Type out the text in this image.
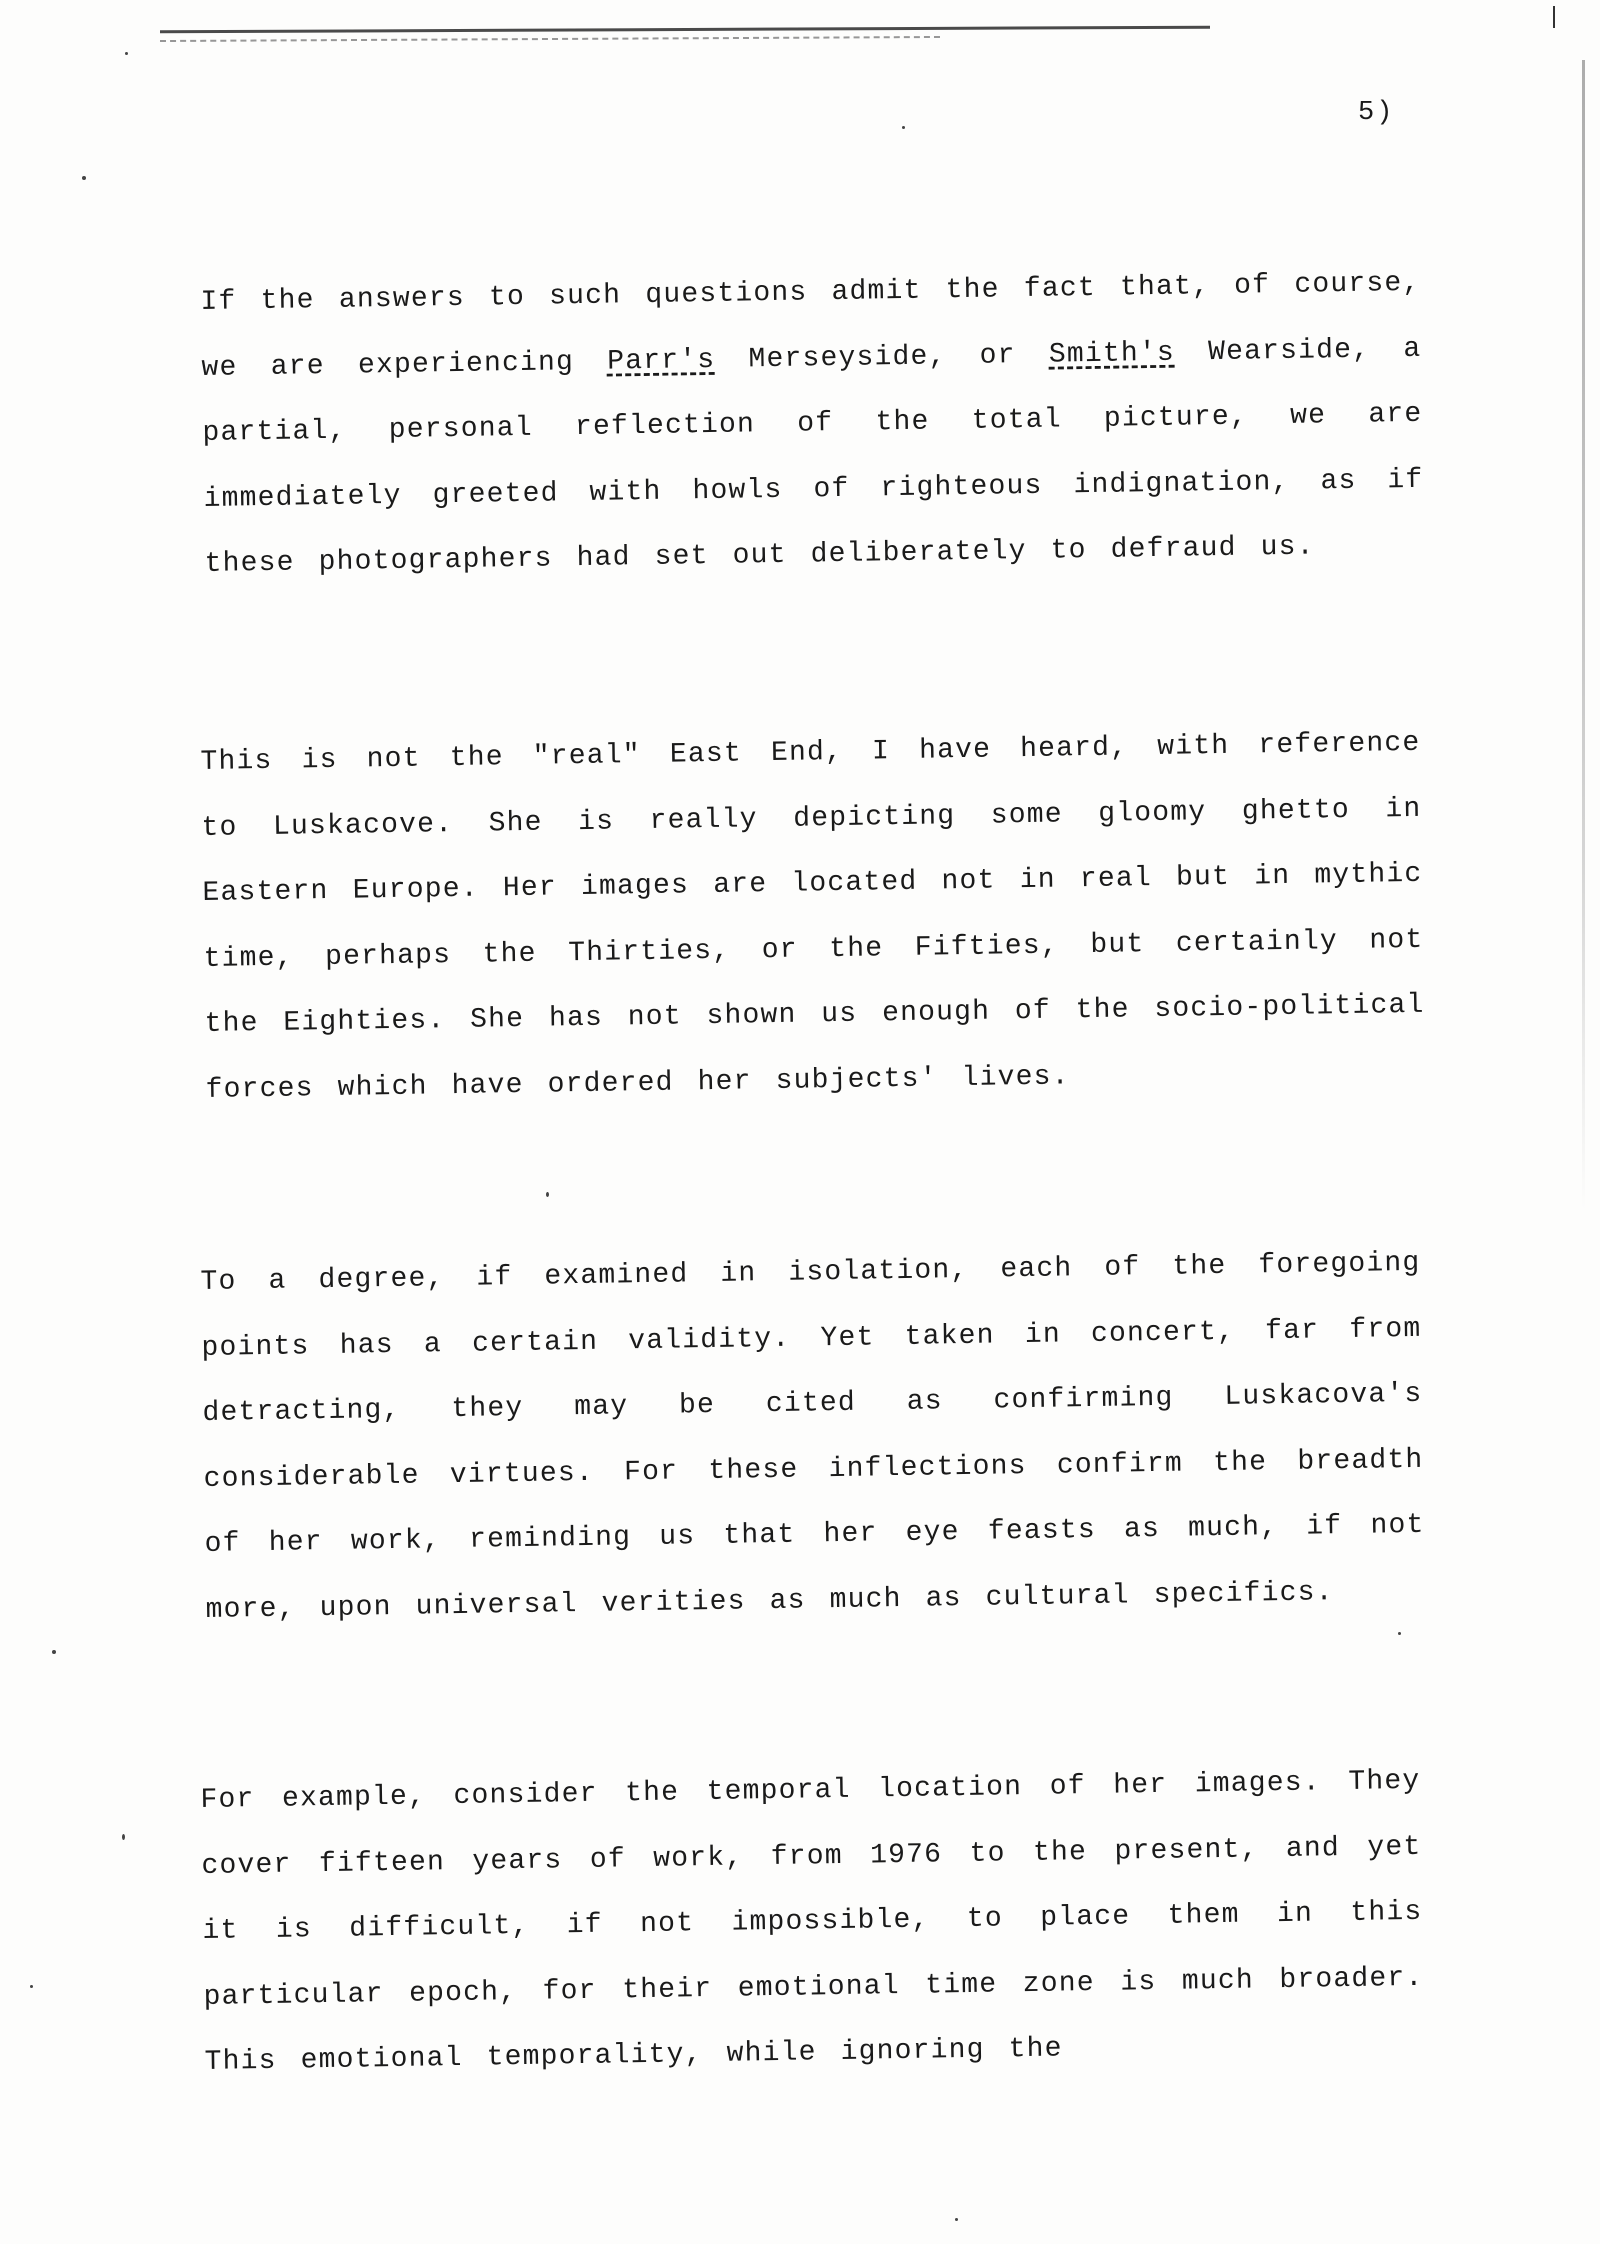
5)

If the answers to such questions admit the fact that, of course, we are experiencing Parr's Merseyside, or Smith's Wearside, a partial, personal reflection of the total picture, we are immediately greeted with howls of righteous indignation, as if these photographers had set out deliberately to defraud us.

This is not the "real" East End, I have heard, with reference to Luskacove. She is really depicting some gloomy ghetto in Eastern Europe. Her images are located not in real but in mythic time, perhaps the Thirties, or the Fifties, but certainly not the Eighties. She has not shown us enough of the socio-political forces which have ordered her subjects' lives.

To a degree, if examined in isolation, each of the foregoing points has a certain validity. Yet taken in concert, far from detracting, they may be cited as confirming Luskacova's considerable virtues. For these inflections confirm the breadth of her work, reminding us that her eye feasts as much, if not more, upon universal verities as much as cultural specifics.

For example, consider the temporal location of her images. They cover fifteen years of work, from 1976 to the present, and yet it is difficult, if not impossible, to place them in this particular epoch, for their emotional time zone is much broader. This emotional temporality, while ignoring the
